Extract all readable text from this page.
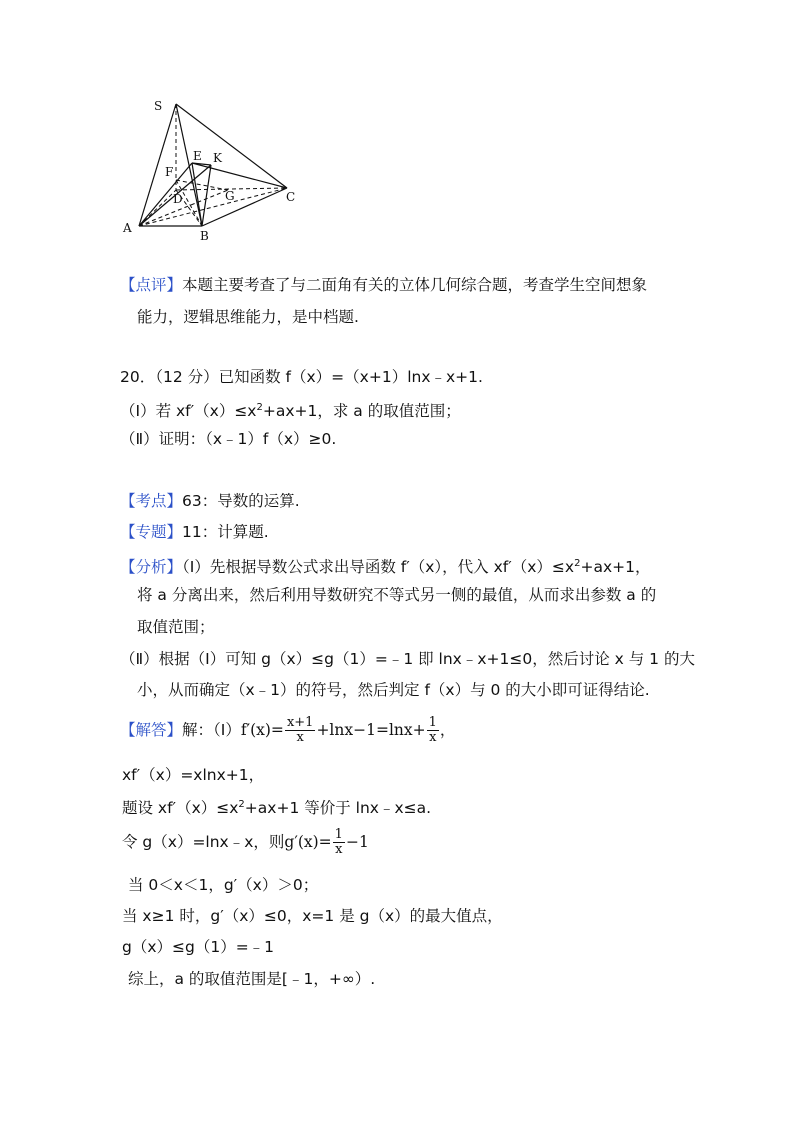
S
E K
F
D	G	C
A
B
【点评】本题主要考查了与二面角有关的立体几何综合题，考查学生空间想象
能力，逻辑思维能力，是中档题.
20．（12 分）已知函数 f（x）=（x+1）lnx﹣x+1.
（Ⅰ）若 $xf'(x)\le x^2+ax+1$，求 a 的取值范围；
（Ⅱ）证明：（x﹣1）f（x）≥0.
【考点】63：导数的运算.
【专题】11：计算题.
【分析】（Ⅰ）先根据导数公式求出导函数 f′（x），代入 $xf'(x)\le x^2+ax+1$，
将 a 分离出来，然后利用导数研究不等式另一侧的最值，从而求出参数 a 的
取值范围；
（Ⅱ）根据（Ⅰ）可知 g（x）≤g（1）=﹣1 即 lnx﹣x+1≤0，然后讨论 x 与 1 的大
小，从而确定（x﹣1）的符号，然后判定 f（x）与 0 的大小即可证得结论.
【解答】解：（Ⅰ）f′(x)= $\frac{x+1}{x} +\ln x-1=\ln x+ \frac{1}{x}$ ，
xf′（x）=xlnx+1，
题设 $xf'(x)\le x^2+ax+1$ 等价于 lnx﹣x≤a.
令 g（x）=lnx﹣x，则$g'(x)= \frac{1}{x} -1$
当 0＜x＜1，g′（x）＞0；
当 x≥1 时，g′（x）≤0，x=1 是 g（x）的最大值点，
g（x）≤g（1）=﹣1
综上，a 的取值范围是[﹣1，+∞）.
